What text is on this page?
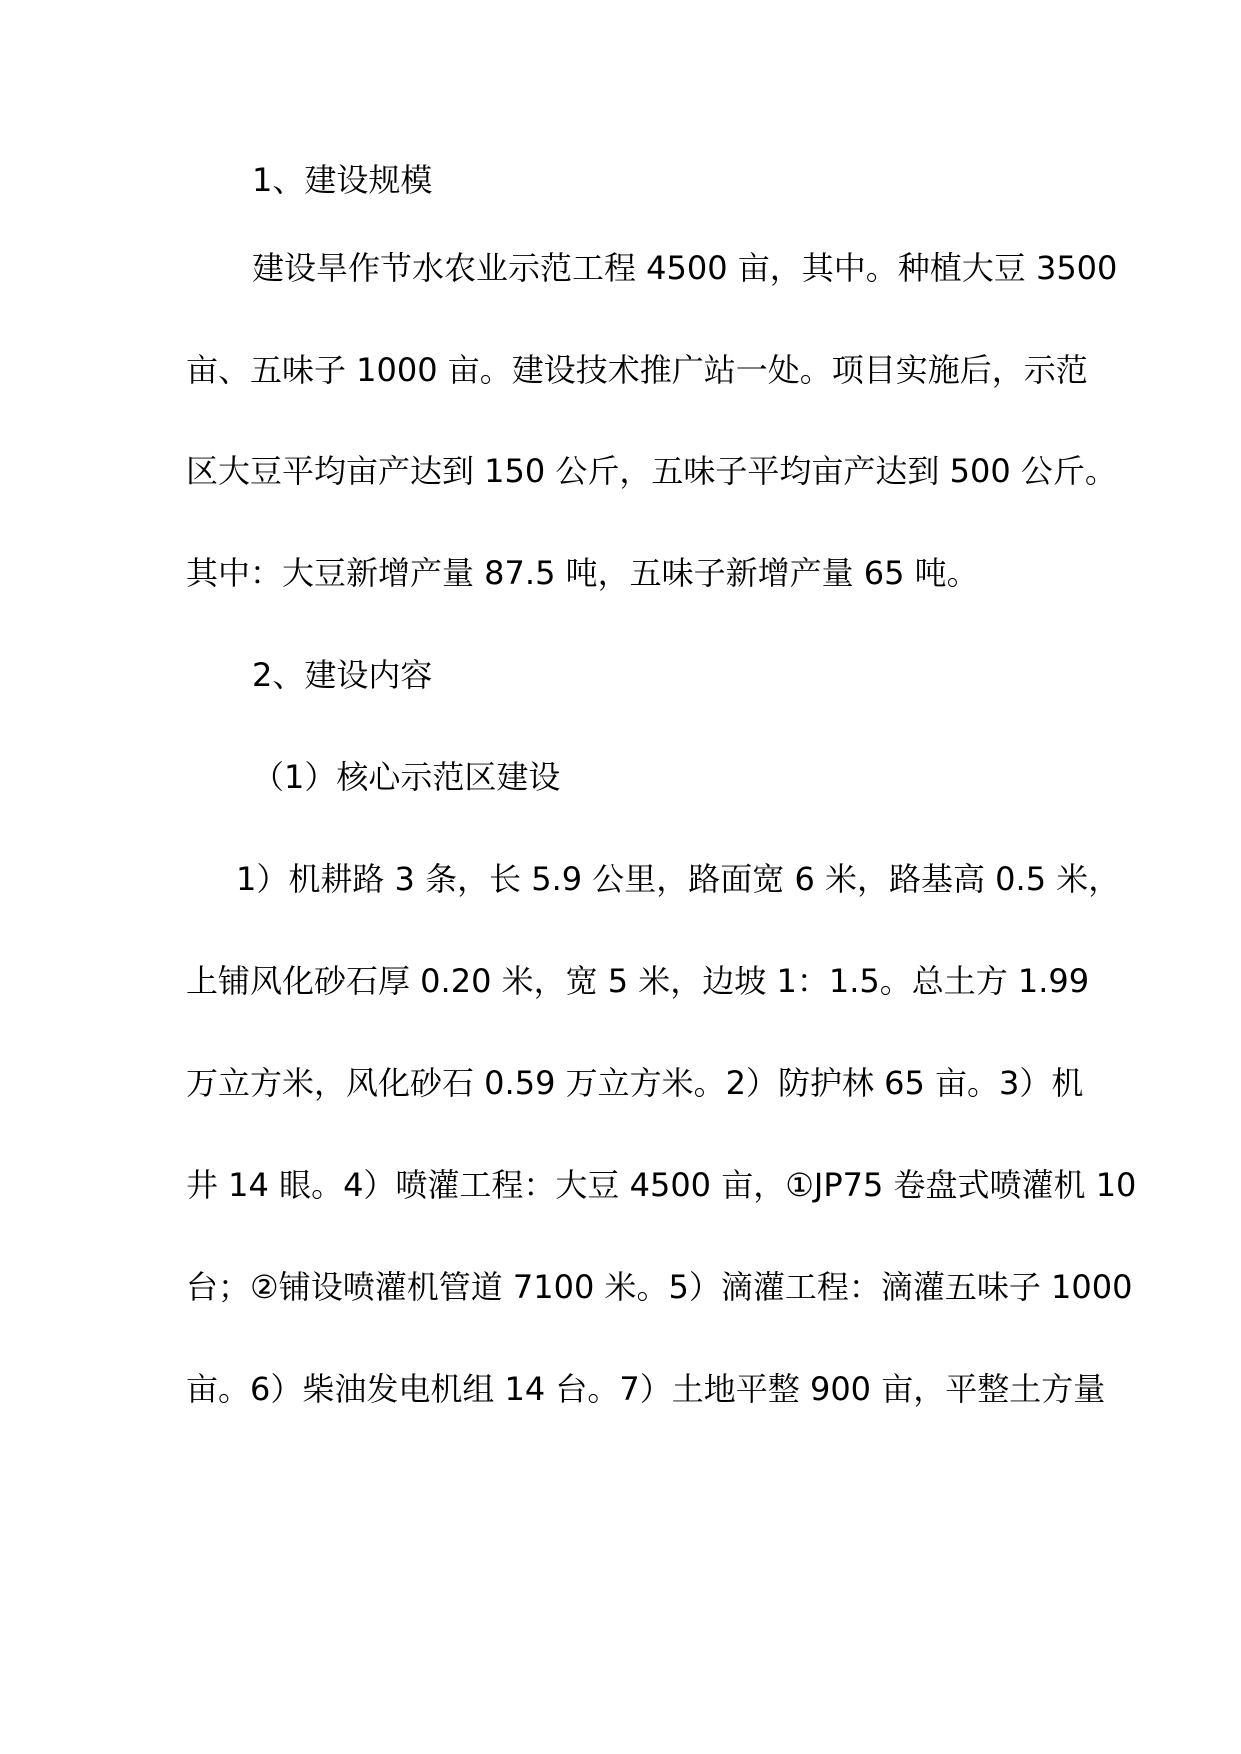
1、建设规模
建设旱作节水农业示范工程 4500 亩，其中。种植大豆 3500
亩、五味子 1000 亩。建设技术推广站一处。项目实施后，示范
区大豆平均亩产达到 150 公斤，五味子平均亩产达到 500 公斤。
其中：大豆新增产量 87.5 吨，五味子新增产量 65 吨。
2、建设内容
（1）核心示范区建设
1）机耕路 3 条，长 5.9 公里，路面宽 6 米，路基高 0.5 米，
上铺风化砂石厚 0.20 米，宽 5 米，边坡 1：1.5。总土方 1.99
万立方米，风化砂石 0.59 万立方米。2）防护林 65 亩。3）机
井 14 眼。4）喷灌工程：大豆 4500 亩，①JP75 卷盘式喷灌机 10
台；②铺设喷灌机管道 7100 米。5）滴灌工程：滴灌五味子 1000
亩。6）柴油发电机组 14 台。7）土地平整 900 亩，平整土方量
